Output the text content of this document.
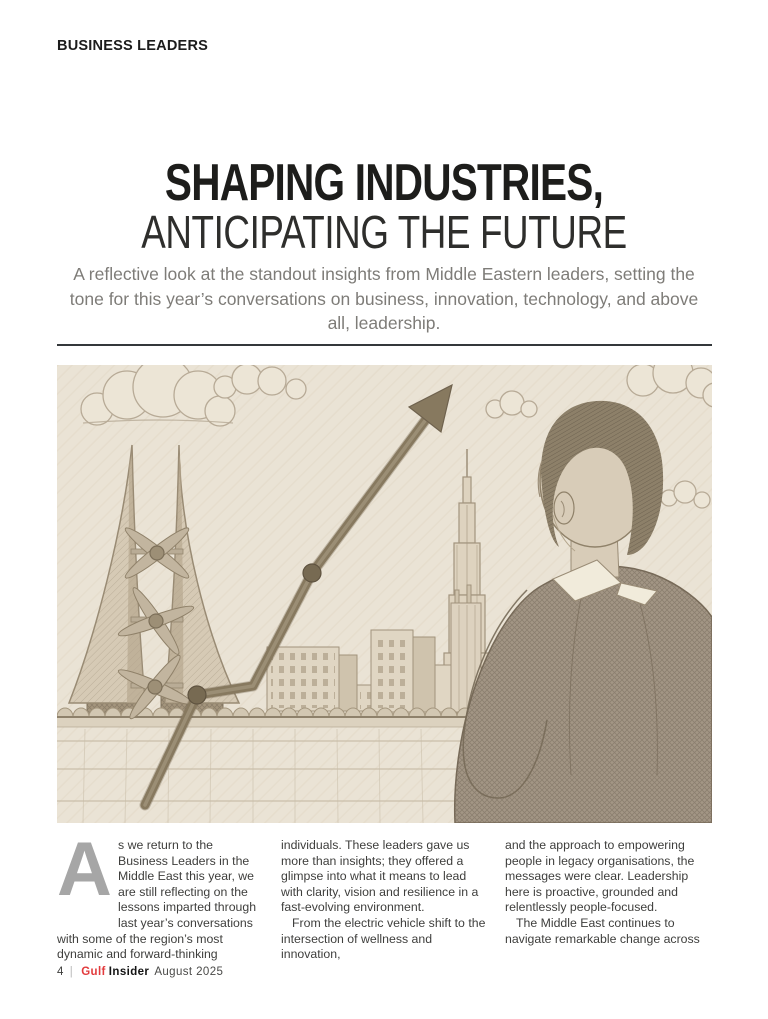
BUSINESS LEADERS
SHAPING INDUSTRIES,
ANTICIPATING THE FUTURE
A reflective look at the standout insights from Middle Eastern leaders, setting the tone for this year’s conversations on business, innovation, technology, and above all, leadership.

As we return to the Business Leaders in the Middle East this year, we are still reflecting on the lessons imparted through last year’s conversations with some of the region’s most dynamic and forward-thinking

individuals. These leaders gave us more than insights; they offered a glimpse into what it means to lead with clarity, vision and resilience in a fast-evolving environment.

From the electric vehicle shift to the intersection of wellness and innovation,

and the approach to empowering people in legacy organisations, the messages were clear. Leadership here is proactive, grounded and relentlessly people-focused.

The Middle East continues to navigate remarkable change across

4 | Gulf Insider August 2025
